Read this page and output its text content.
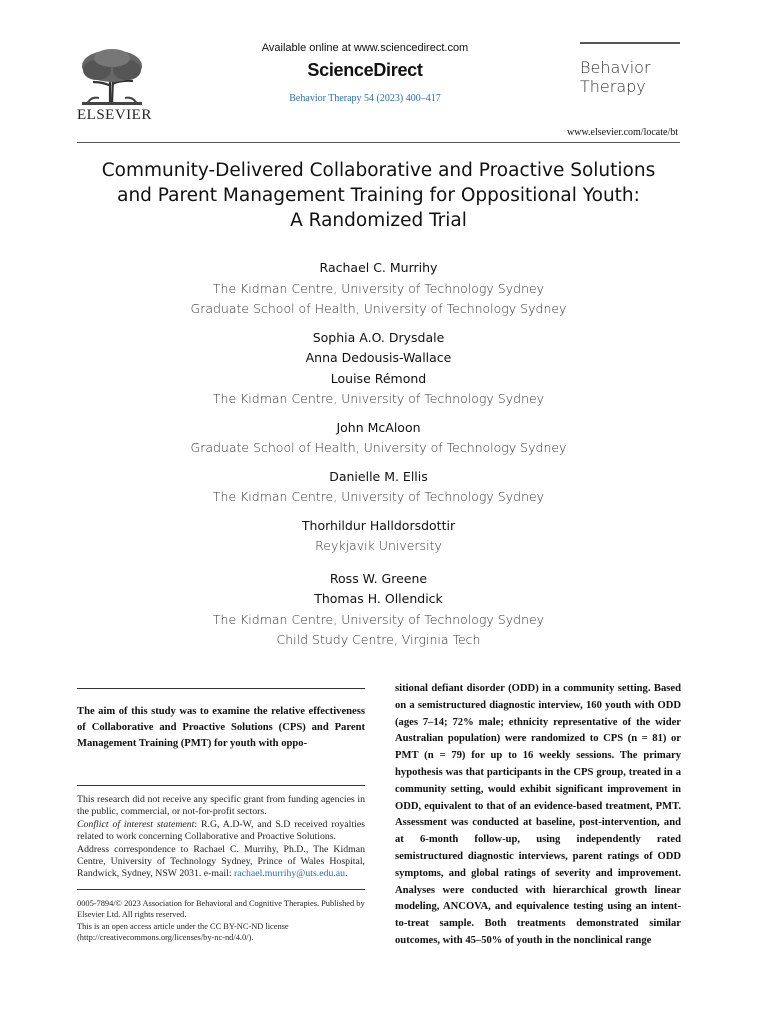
ELSEVIER
Available online at www.sciencedirect.com
ScienceDirect
Behavior Therapy 54 (2023) 400–417
Behavior
Therapy
www.elsevier.com/locate/bt
Community-Delivered Collaborative and Proactive Solutions
and Parent Management Training for Oppositional Youth:
A Randomized Trial
Rachael C. Murrihy
The Kidman Centre, University of Technology Sydney
Graduate School of Health, University of Technology Sydney
Sophia A.O. Drysdale
Anna Dedousis-Wallace
Louise Rémond
The Kidman Centre, University of Technology Sydney
John McAloon
Graduate School of Health, University of Technology Sydney
Danielle M. Ellis
The Kidman Centre, University of Technology Sydney
Thorhildur Halldorsdottir
Reykjavik University
Ross W. Greene
Thomas H. Ollendick
The Kidman Centre, University of Technology Sydney
Child Study Centre, Virginia Tech

The aim of this study was to examine the relative effectiveness of Collaborative and Proactive Solutions (CPS) and Parent Management Training (PMT) for youth with oppo-

This research did not receive any specific grant from funding agencies in the public, commercial, or not-for-profit sectors.

Conflict of interest statement: R.G, A.D-W, and S.D received royalties related to work concerning Collaborative and Proactive Solutions.

Address correspondence to Rachael C. Murrihy, Ph.D., The Kidman Centre, University of Technology Sydney, Prince of Wales Hospital, Randwick, Sydney, NSW 2031. e-mail: rachael.murrihy@uts.edu.au.

0005-7894/© 2023 Association for Behavioral and Cognitive Therapies. Published by Elsevier Ltd. All rights reserved.

This is an open access article under the CC BY-NC-ND license (http://creativecommons.org/licenses/by-nc-nd/4.0/).

sitional defiant disorder (ODD) in a community setting. Based on a semistructured diagnostic interview, 160 youth with ODD (ages 7–14; 72% male; ethnicity representative of the wider Australian population) were randomized to CPS (n = 81) or PMT (n = 79) for up to 16 weekly sessions. The primary hypothesis was that participants in the CPS group, treated in a community setting, would exhibit significant improvement in ODD, equivalent to that of an evidence-based treatment, PMT. Assessment was conducted at baseline, post-intervention, and at 6-month follow-up, using independently rated semistructured diagnostic interviews, parent ratings of ODD symptoms, and global ratings of severity and improvement. Analyses were conducted with hierarchical growth linear modeling, ANCOVA, and equivalence testing using an intent-to-treat sample. Both treatments demonstrated similar outcomes, with 45–50% of youth in the nonclinical range
